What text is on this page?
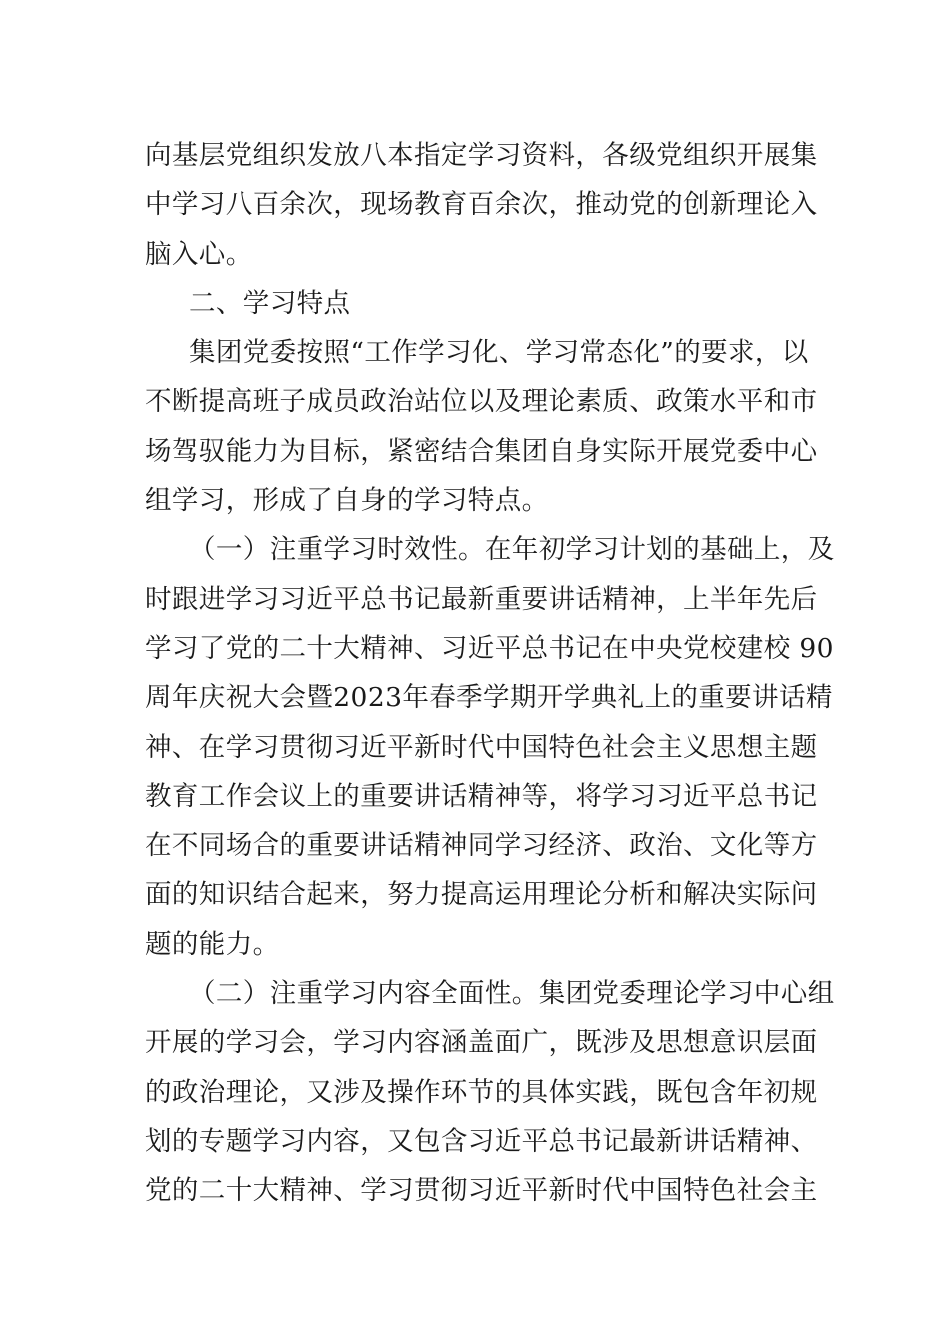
向基层党组织发放八本指定学习资料，各级党组织开展集
中学习八百余次，现场教育百余次，推动党的创新理论入
脑入心。
二、学习特点
集团党委按照“工作学习化、学习常态化”的要求，以
不断提高班子成员政治站位以及理论素质、政策水平和市
场驾驭能力为目标，紧密结合集团自身实际开展党委中心
组学习，形成了自身的学习特点。
（一）注重学习时效性。在年初学习计划的基础上，及
时跟进学习习近平总书记最新重要讲话精神，上半年先后
学习了党的二十大精神、习近平总书记在中央党校建校 90
周年庆祝大会暨2023年春季学期开学典礼上的重要讲话精
神、在学习贯彻习近平新时代中国特色社会主义思想主题
教育工作会议上的重要讲话精神等，将学习习近平总书记
在不同场合的重要讲话精神同学习经济、政治、文化等方
面的知识结合起来，努力提高运用理论分析和解决实际问
题的能力。
（二）注重学习内容全面性。集团党委理论学习中心组
开展的学习会，学习内容涵盖面广，既涉及思想意识层面
的政治理论，又涉及操作环节的具体实践，既包含年初规
划的专题学习内容，又包含习近平总书记最新讲话精神、
党的二十大精神、学习贯彻习近平新时代中国特色社会主
